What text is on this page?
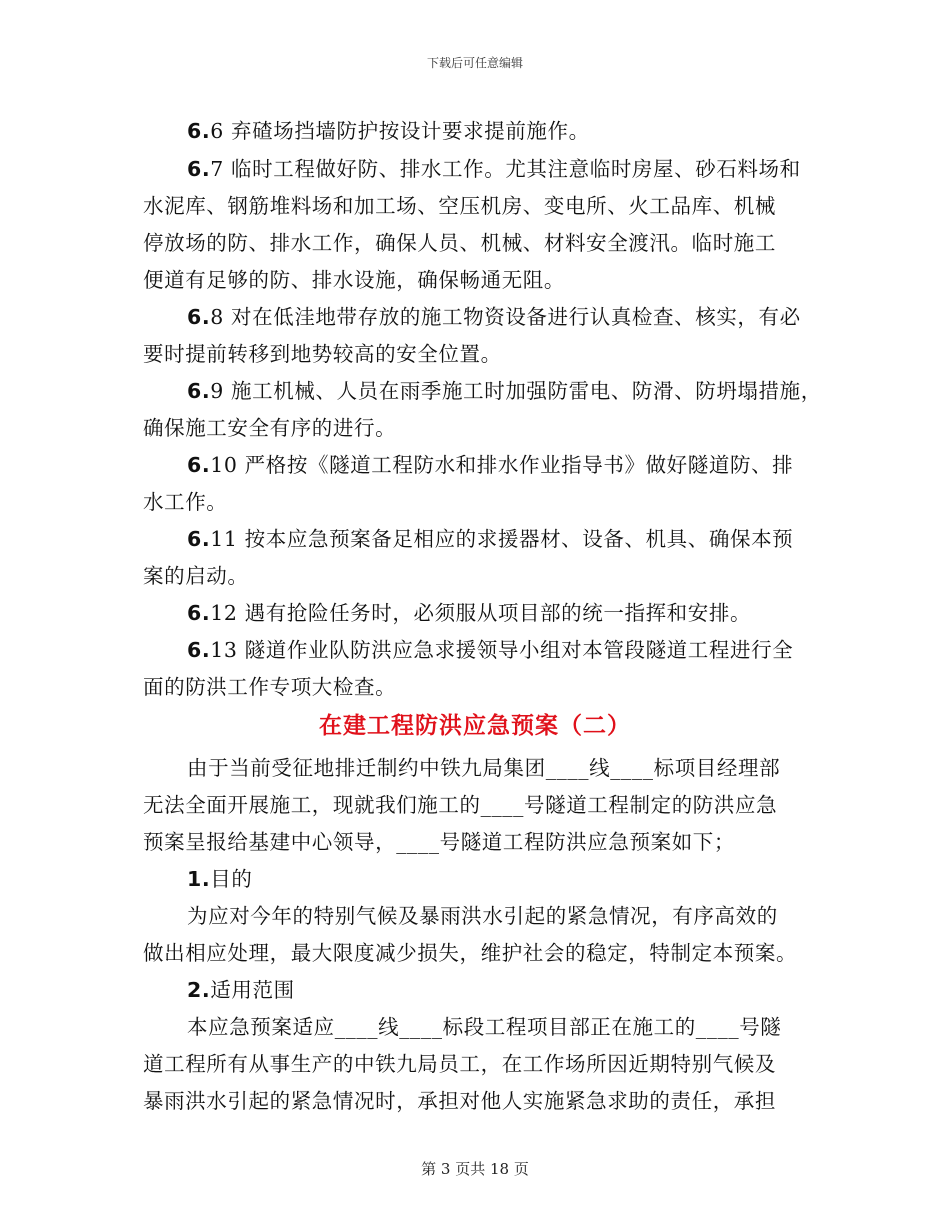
下载后可任意编辑
6.6 弃碴场挡墙防护按设计要求提前施作。
6.7 临时工程做好防、排水工作。尤其注意临时房屋、砂石料场和
水泥库、钢筋堆料场和加工场、空压机房、变电所、火工品库、机械
停放场的防、排水工作，确保人员、机械、材料安全渡汛。临时施工
便道有足够的防、排水设施，确保畅通无阻。
6.8 对在低洼地带存放的施工物资设备进行认真检查、核实，有必
要时提前转移到地势较高的安全位置。
6.9 施工机械、人员在雨季施工时加强防雷电、防滑、防坍塌措施，
确保施工安全有序的进行。
6.10 严格按《隧道工程防水和排水作业指导书》做好隧道防、排
水工作。
6.11 按本应急预案备足相应的求援器材、设备、机具、确保本预
案的启动。
6.12 遇有抢险任务时，必须服从项目部的统一指挥和安排。
6.13 隧道作业队防洪应急求援领导小组对本管段隧道工程进行全
面的防洪工作专项大检查。
在建工程防洪应急预案（二）
由于当前受征地排迁制约中铁九局集团____线____标项目经理部
无法全面开展施工，现就我们施工的____号隧道工程制定的防洪应急
预案呈报给基建中心领导，____号隧道工程防洪应急预案如下；
1.目的
为应对今年的特别气候及暴雨洪水引起的紧急情况，有序高效的
做出相应处理，最大限度减少损失，维护社会的稳定，特制定本预案。
2.适用范围
本应急预案适应____线____标段工程项目部正在施工的____号隧
道工程所有从事生产的中铁九局员工，在工作场所因近期特别气候及
暴雨洪水引起的紧急情况时，承担对他人实施紧急求助的责任，承担
第 3 页共 18 页
